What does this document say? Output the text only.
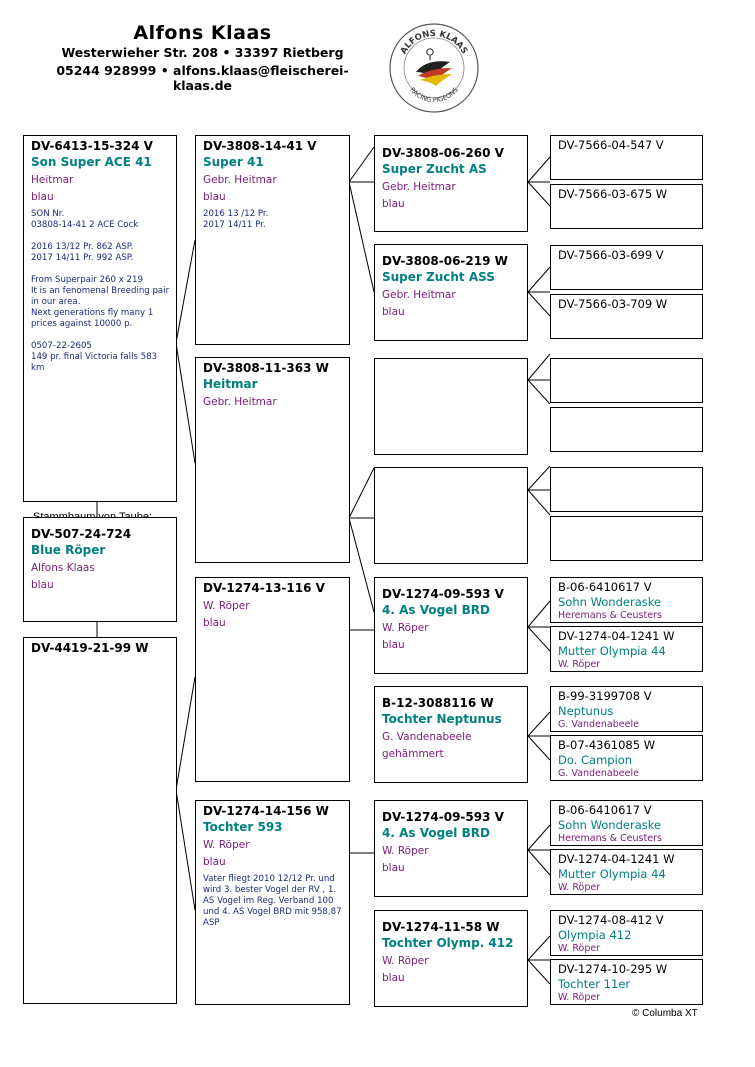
Alfons Klaas
Westerwieher Str. 208 • 33397 Rietberg
05244 928999 • alfons.klaas@fleischerei-klaas.de
ALFONS KLAAS
RACING PIGEONS
DV-6413-15-324 V
Son Super ACE 41
Heitmar
blau
SON Nr.
03808-14-41 2 ACE Cock

2016 13/12 Pr. 862 ASP.
2017 14/11 Pr. 992 ASP.

From Superpair 260 x 219
It is an fenomenal Breeding pair in our area.
Next generations fly many 1 prices against 10000 p.

0507-22-2605
149 pr. final Victoria falls 583 km
DV-507-24-724
Blue Röper
Alfons Klaas
blau
DV-4419-21-99 W
DV-3808-14-41 V
Super 41
Gebr. Heitmar
blau
2016 13 /12 Pr.
2017 14/11 Pr.
DV-3808-11-363 W
Heitmar
Gebr. Heitmar
DV-1274-13-116 V
W. Röper
blau
DV-1274-14-156 W
Tochter 593
W. Röper
blau
Vater fliegt 2010 12/12 Pr. und wird 3. bester Vogel der RV , 1. AS Vogel im Reg. Verband 100 und 4. AS Vogel BRD mit 958,87 ASP
DV-3808-06-260 V
Super Zucht AS
Gebr. Heitmar
blau
DV-3808-06-219 W
Super Zucht ASS
Gebr. Heitmar
blau
DV-1274-09-593 V
4. As Vogel BRD
W. Röper
blau
B-12-3088116 W
Tochter Neptunus
G. Vandenabeele
gehämmert
DV-1274-09-593 V
4. As Vogel BRD
W. Röper
blau
DV-1274-11-58 W
Tochter Olymp. 412
W. Röper
blau
DV-7566-04-547 V
DV-7566-03-675 W
DV-7566-03-699 V
DV-7566-03-709 W
B-06-6410617 V
Sohn Wonderaske
Heremans & Ceusters
DV-1274-04-1241 W
Mutter Olympia 44
W. Röper
B-99-3199708 V
Neptunus
G. Vandenabeele
B-07-4361085 W
Do. Campion
G. Vandenabeele
B-06-6410617 V
Sohn Wonderaske
Heremans & Ceusters
DV-1274-04-1241 W
Mutter Olympia 44
W. Röper
DV-1274-08-412 V
Olympia 412
W. Röper
DV-1274-10-295 W
Tochter 11er
W. Röper
© Columba XT
